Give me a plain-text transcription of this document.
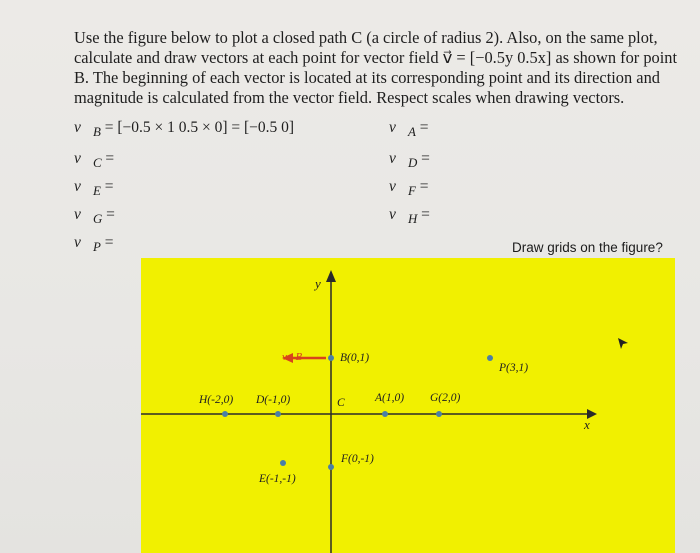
Use the figure below to plot a closed path C (a circle of radius 2). Also, on the same plot,
calculate and draw vectors at each point for vector field v⃗ = [−0.5y 0.5x] as shown for point
B. The beginning of each vector is located at its corresponding point and its direction and
magnitude is calculated from the vector field. Respect scales when drawing vectors.
$v⃗_B = [-0.5 \times 1$ 0.5 × 0] = [−0.5 0]	$v⃗_A$ =
$v⃗_C$ =	$v⃗_D$ =
$v⃗_E$ =	$v⃗_F$ =
$v⃗_G$ =	$v⃗_H$ =
$v⃗_P$ =	Draw grids on the figure?
y
x
v⃗B	B(0,1)
P(3,1)
H(-2,0) D(-1,0)	C	A(1,0) G(2,0)
F(0,-1)
E(-1,-1)
